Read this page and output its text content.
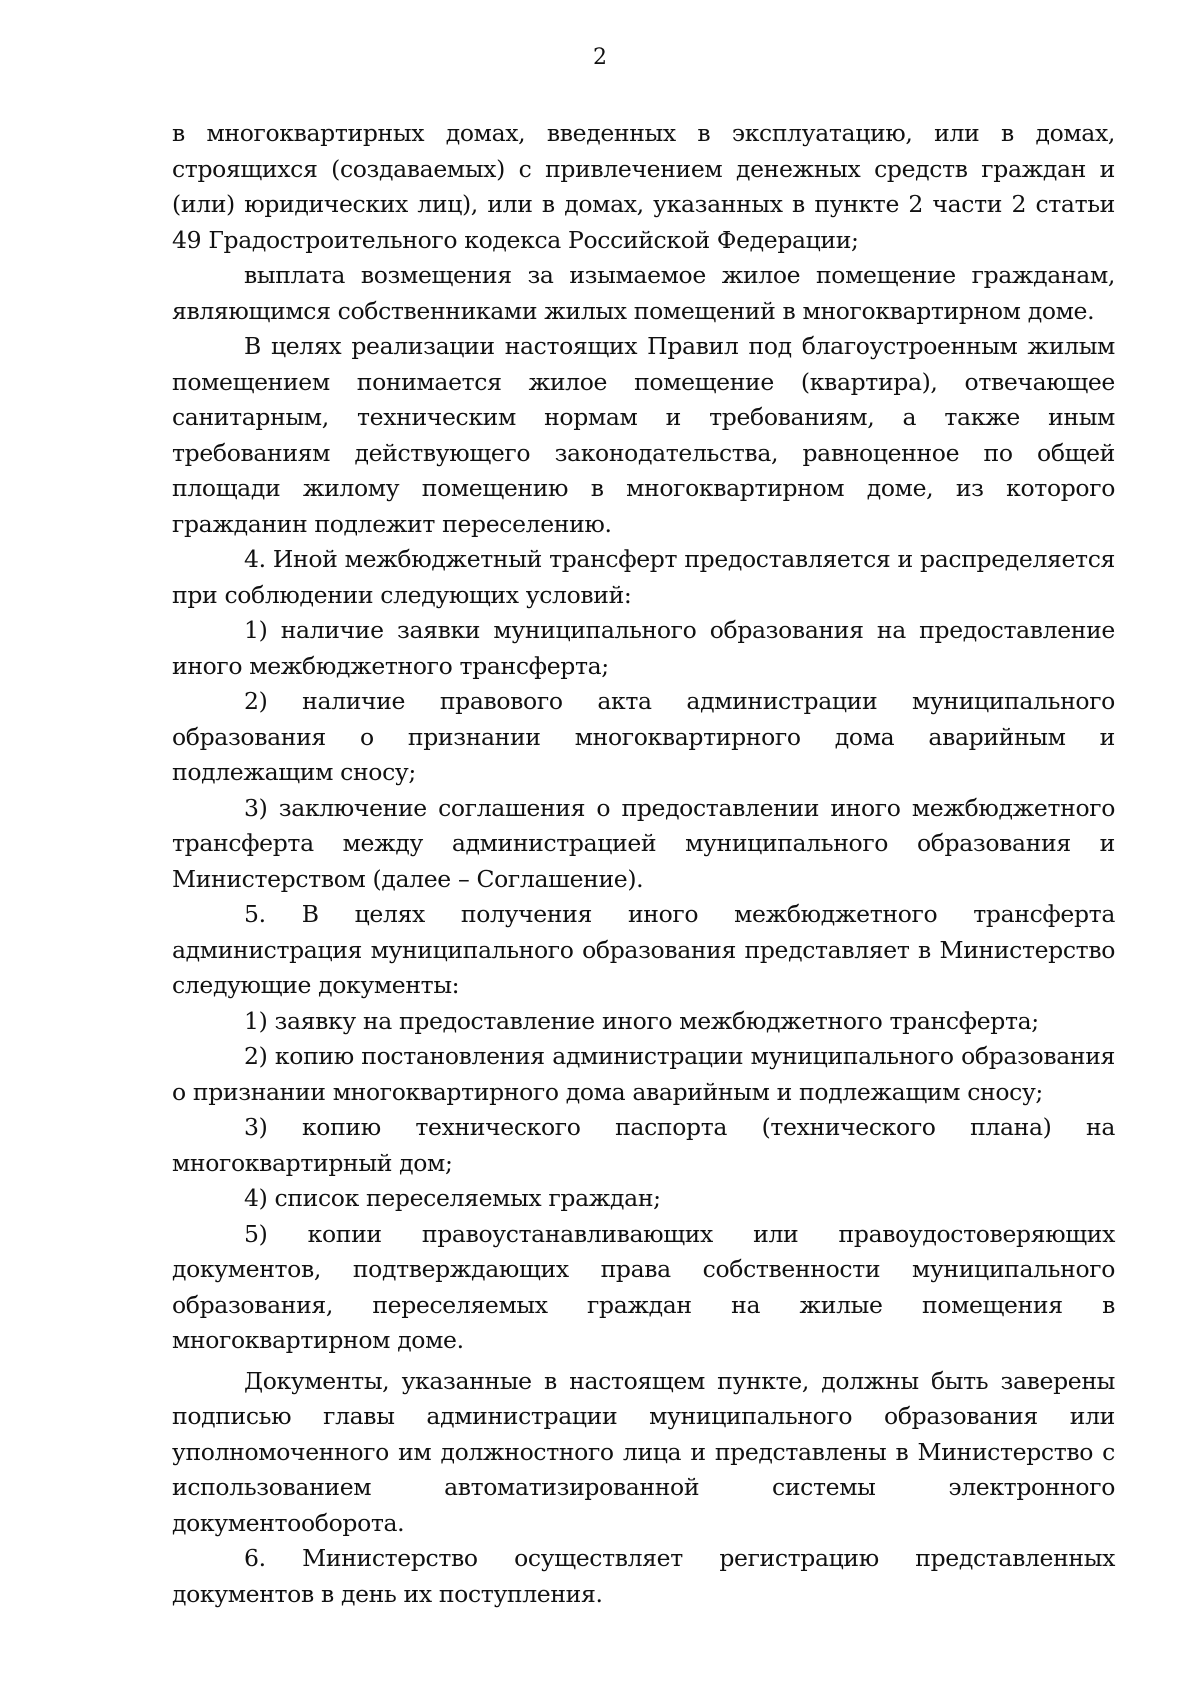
2

в многоквартирных домах, введенных в эксплуатацию, или в домах, строящихся (создаваемых) с привлечением денежных средств граждан и (или) юридических лиц), или в домах, указанных в пункте 2 части 2 статьи 49 Градостроительного кодекса Российской Федерации;

выплата возмещения за изымаемое жилое помещение гражданам, являющимся собственниками жилых помещений в многоквартирном доме.

В целях реализации настоящих Правил под благоустроенным жилым помещением понимается жилое помещение (квартира), отвечающее санитарным, техническим нормам и требованиям, а также иным требованиям действующего законодательства, равноценное по общей площади жилому помещению в многоквартирном доме, из которого гражданин подлежит переселению.

4. Иной межбюджетный трансферт предоставляется и распределяется при соблюдении следующих условий:

1) наличие заявки муниципального образования на предоставление иного межбюджетного трансферта;

2) наличие правового акта администрации муниципального образования о признании многоквартирного дома аварийным и подлежащим сносу;

3) заключение соглашения о предоставлении иного межбюджетного трансферта между администрацией муниципального образования и Министерством (далее – Соглашение).

5. В целях получения иного межбюджетного трансферта администрация муниципального образования представляет в Министерство следующие документы:

1) заявку на предоставление иного межбюджетного трансферта;

2) копию постановления администрации муниципального образования о признании многоквартирного дома аварийным и подлежащим сносу;

3) копию технического паспорта (технического плана) на многоквартирный дом;

4) список переселяемых граждан;

5) копии правоустанавливающих или правоудостоверяющих документов, подтверждающих права собственности муниципального образования, переселяемых граждан на жилые помещения в многоквартирном доме.

Документы, указанные в настоящем пункте, должны быть заверены подписью главы администрации муниципального образования или уполномоченного им должностного лица и представлены в Министерство с использованием автоматизированной системы электронного документооборота.

6. Министерство осуществляет регистрацию представленных документов в день их поступления.
